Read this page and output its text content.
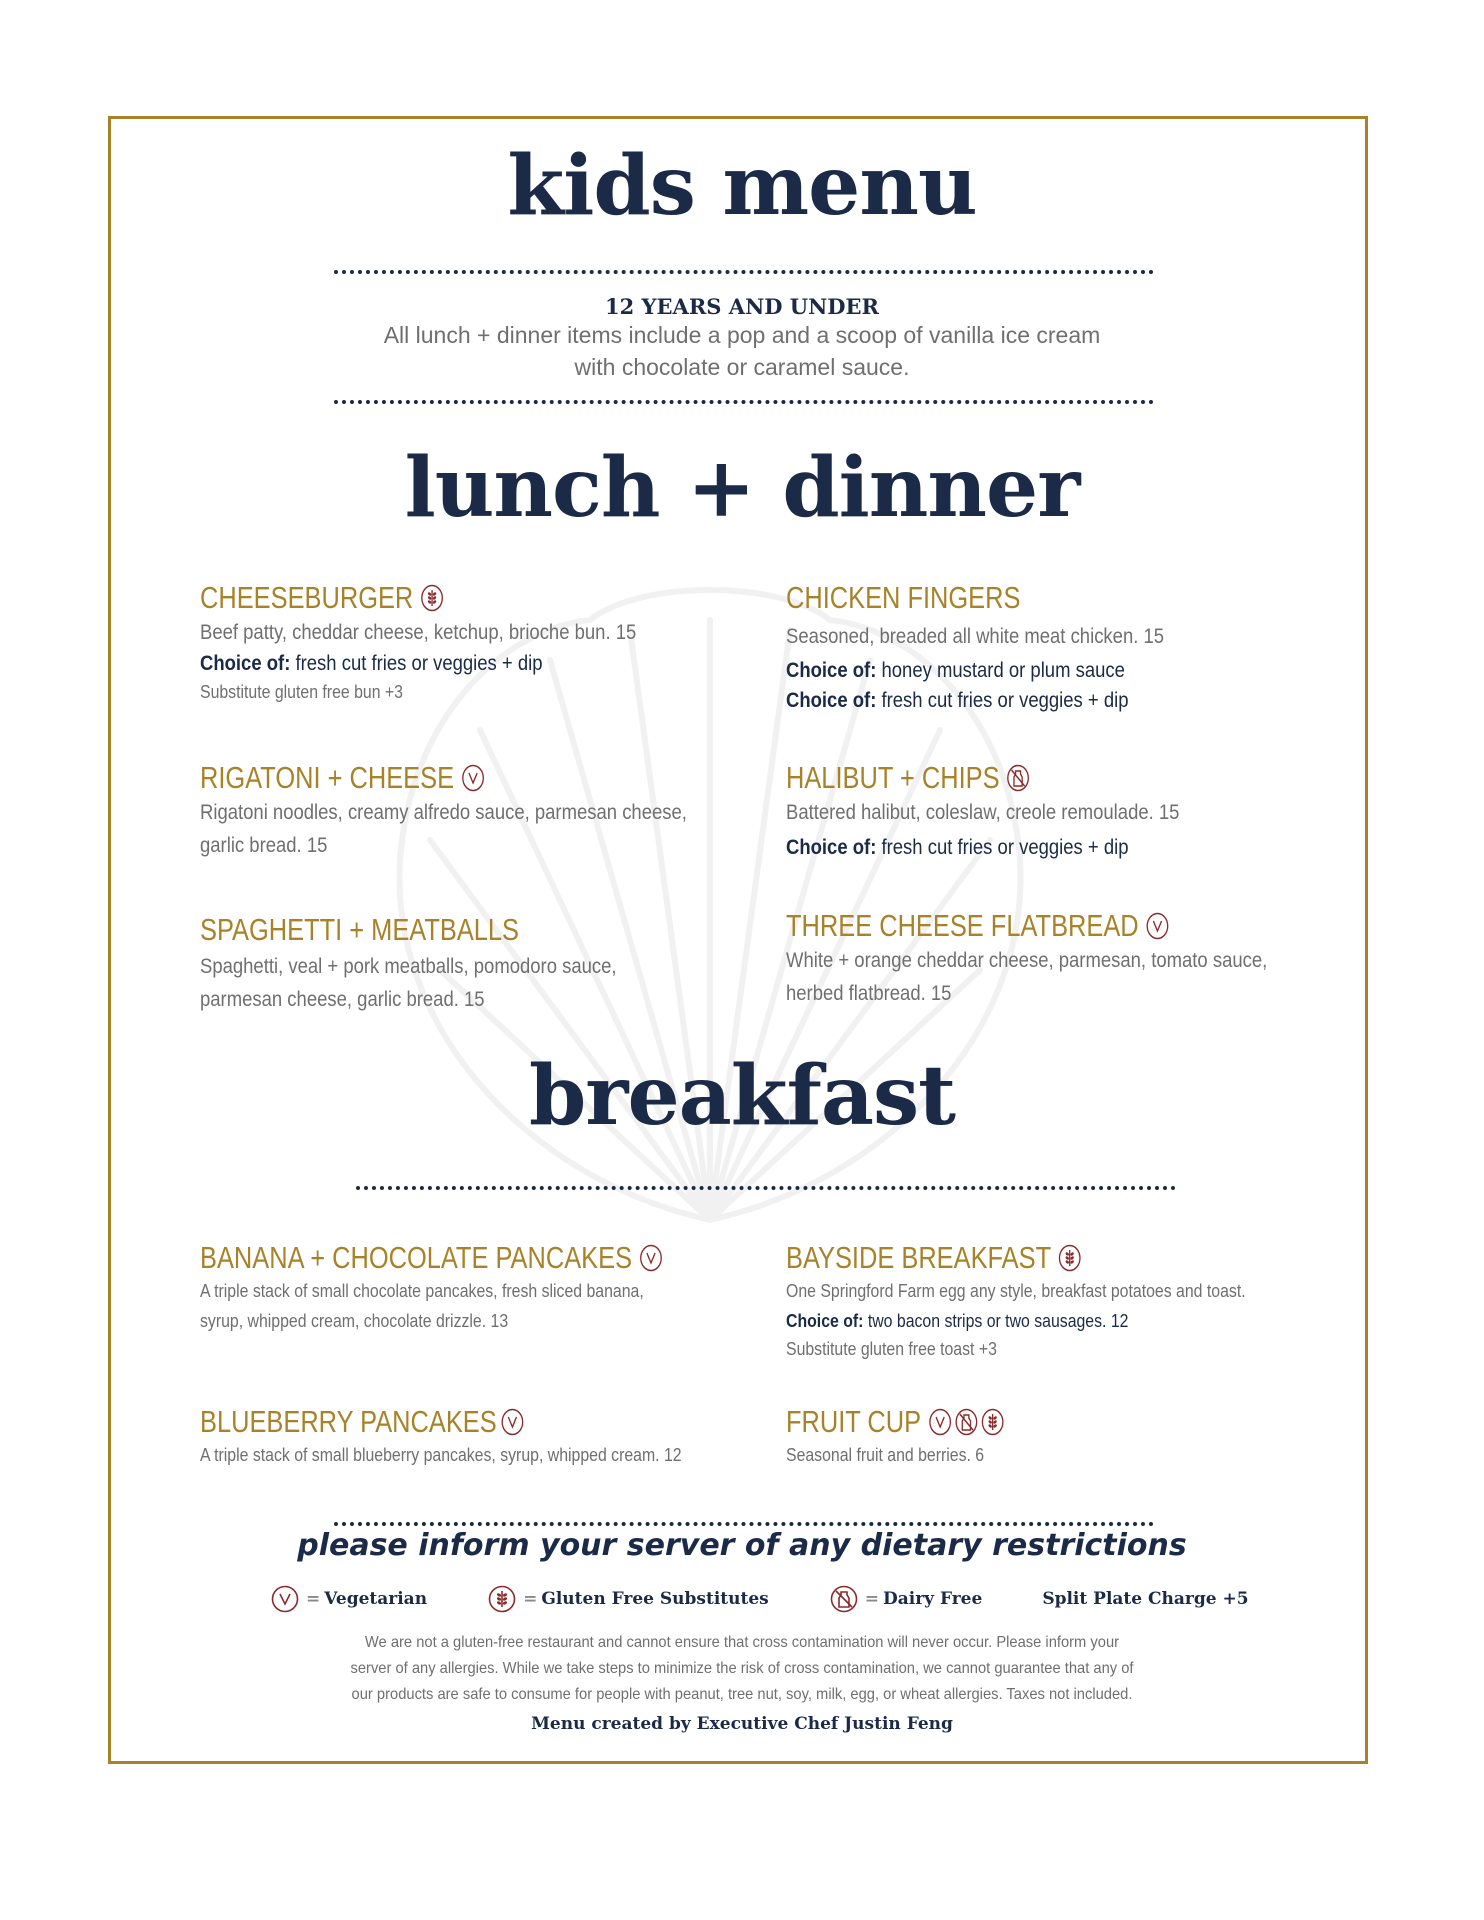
kids menu
12 YEARS AND UNDER
All lunch + dinner items include a pop and a scoop of vanilla ice cream
with chocolate or caramel sauce.
lunch + dinner
CHEESEBURGER
Beef patty, cheddar cheese, ketchup, brioche bun. 15
Choice of: fresh cut fries or veggies + dip
Substitute gluten free bun +3
CHICKEN FINGERS
Seasoned, breaded all white meat chicken. 15
Choice of: honey mustard or plum sauce
Choice of: fresh cut fries or veggies + dip
RIGATONI + CHEESE
Rigatoni noodles, creamy alfredo sauce, parmesan cheese,
garlic bread. 15
HALIBUT + CHIPS
Battered halibut, coleslaw, creole remoulade. 15
Choice of: fresh cut fries or veggies + dip
SPAGHETTI + MEATBALLS
Spaghetti, veal + pork meatballs, pomodoro sauce,
parmesan cheese, garlic bread. 15
THREE CHEESE FLATBREAD
White + orange cheddar cheese, parmesan, tomato sauce,
herbed flatbread. 15
breakfast
BANANA + CHOCOLATE PANCAKES
A triple stack of small chocolate pancakes, fresh sliced banana,
syrup, whipped cream, chocolate drizzle. 13
BAYSIDE BREAKFAST
One Springford Farm egg any style, breakfast potatoes and toast.
Choice of: two bacon strips or two sausages. 12
Substitute gluten free toast +3
BLUEBERRY PANCAKES
A triple stack of small blueberry pancakes, syrup, whipped cream. 12
FRUIT CUP
Seasonal fruit and berries. 6
please inform your server of any dietary restrictions
= Vegetarian	= Gluten Free Substitutes	= Dairy Free	Split Plate Charge +5
We are not a gluten-free restaurant and cannot ensure that cross contamination will never occur. Please inform your
server of any allergies. While we take steps to minimize the risk of cross contamination, we cannot guarantee that any of
our products are safe to consume for people with peanut, tree nut, soy, milk, egg, or wheat allergies. Taxes not included.
Menu created by Executive Chef Justin Feng
